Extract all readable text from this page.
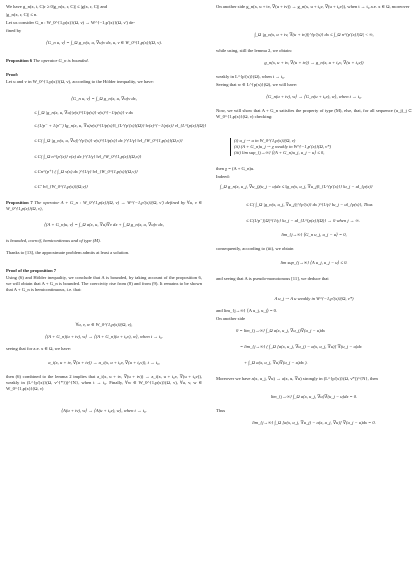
We have g_n(x, t, C)r ≥ 0|g_n(x, r, C)| ≤ |g(x, r, C)| and
|g_n(x, r, C)| ≤ n.
Let us consider G_n : W_0^{1,p(x)}(Ω, ν) → W^{−1,p'(x)}(Ω, ν') de-
fined by
⟨G_n u, v⟩ = ∫_Ω g_n(x, u, ∇u)v dx, u, v ∈ W_0^{1,p(x)}(Ω, ν).
Proposition 6 The operator G_n is bounded.
Proof:
Let u and v in W_0^{1,p(x)}(Ω, ν), according to the Hölder inequality, we have:
⟨G_n u, v⟩ = ∫_Ω g_n(x, u, ∇u)v dx,
≤ ∫_Ω |g_n(x, u, ∇u)|ν(x)^{1/p(x)} ν(x)^{−1/p(x)} v dx
≤ (1/p⁻ + 1/p'⁻) ‖g_n(x, u, ∇u)ν(x)^{1/p(x)}‖_{L^{p'(x)}(Ω)} ‖ν(x)^{−1/p(x)} v‖_{L^{p(x)}(Ω)}
≤ C( ∫_Ω |g_n(x, u, ∇u)|^{p'(x)} ν(x)^{1/p(x)} dx )^{1/γ} ‖v‖_{W_0^{1,p(x)}(Ω,ν)}
≤ C( ∫_Ω n^{p'(x)} ν(x) dx )^{1/γ} ‖v‖_{W_0^{1,p(x)}(Ω,ν)}
≤ Cn^{p⁺} ( ∫_Ω ν(x) dx )^{1/γ} ‖v‖_{W_0^{1,p(x)}(Ω,ν)}
≤ C' ‖v‖_{W_0^{1,p(x)}(Ω,ν)}
Proposition 7 The operator A + G_n : W_0^{1,p(x)}(Ω, ν) → W^{−1,p'(x)}(Ω, ν') defined by ∀u, v ∈ W_0^{1,p(x)}(Ω, ν),
⟨(A + G_n)u, v⟩ = ∫_Ω a(x, u, ∇u)∇v dx + ∫_Ω g_n(x, u, ∇u)v dx,
is bounded, coercif, hemicontinous and of type (M).
Thanks to [13], the approximate problem admits at least a solution.
Proof of the proposition 7
Using (6) and Hölder inequality, we conclude that A is bounded, by taking account of the proposition 6, we will obtain that A + G_n is bounded. The coercivity rise from (8) and from (9). It remains to be shown that A + G_n is hemicontinuous, i.e. that:
∀u, v, w ∈ W_0^{1,p(x)}(Ω, ν),
⟨(A + G_n)(u + tv), w⟩ → ⟨(A + G_n)(u + t₀v), w⟩, when t → t₀.
seeing that for a.e. x ∈ Ω, we have:
a_i(x, u + tv, ∇(u + tv)) → a_i(x, u + t₀v, ∇(u + t₀v)), t → t₀,
then (6) combined to the lemma 2 implies that a_i(x, u + tv, ∇(u + tv)) → a_i(x, u + t₀v, ∇(u + t₀v)), weakly in (L^{p'(x)}(Ω, ν^{*}))^{N}, when t → t₀. Finally, ∀w ∈ W_0^{1,p(x)}(Ω, ν), ∀u, v, w ∈ W_0^{1,p(x)}(Ω, ν)
⟨A(u + tv), w⟩ → ⟨A(u + t₀v), w⟩, when t → t₀.
On another side g_n(x, u + tv, ∇(u + tv)) → g_n(x, u + t₀v, ∇(u + t₀v)), when t → t₀ a.e. x ∈ Ω, moreover
∫_Ω |g_n(x, u + tv, ∇(u + tv))|^{p'(x)} dx ≤ ∫_Ω n^{p'(x)}|Ω| < ∞,
while using, still the lemma 2, we obtain:
g_n(x, u + tv, ∇(u + tv)) → g_n(x, u + t₀v, ∇(u + t₀v))
weakly in L^{p'(x)}(Ω), when t → t₀.
Seeing that w ∈ L^{p(x)}(Ω), we will have:
⟨G_n(u + tv), w⟩ → ⟨G_n(u + t₀v), w⟩, when t → t₀.
Now, we will show that A + G_n satisfies the property of type (M), else, that, for all sequence (u_j)_j ⊂ W_0^{1,p(x)}(Ω, ν) checking:
(i) u_j ⇀ u in W_0^{1,p(x)}(Ω, ν)
(ii) (A + G_n)u_j ⇀ χ weakly in W^{−1,p'(x)}(Ω, ν*)
(iii) lim sup_{j→∞} ⟨(A + G_n)u_j, u_j − u⟩ ≤ 0,
then χ = (A + G_n)u.
Indeed:
∫_Ω g_n(x, u_j, ∇u_j)(u_j − u)dx ≤ ‖g_n(x, u_j, ∇u_j)‖_{L^{p'(x)}} ‖u_j − u‖_{p(x)}
≤ C( ∫_Ω |g_n(x, u_j, ∇u_j)|^{p'(x)} dx )^{1/γ} ‖u_j − u‖_{p(x)}, Thus
≤ C(1/p⁻)|Ω|^{1/γ} ‖u_j − u‖_{L^{p(x)}(Ω)} → 0 when j → ∞.
lim_{j→∞} ⟨G_n u_j, u_j − u⟩ = 0,
consequently, according to (iii), we obtain
lim sup_{j→∞} ⟨A u_j, u_j − u⟩ ≤ 0.
and seeing that A is pseudo-monotonous [11], we deduce that
A u_j ⇀ A u weakly in W^{−1,p'(x)}(Ω, ν*)
and lim_{j→∞} ⟨A u_j, u_j⟩ = 0.
On another side
0 = lim_{j→∞} ∫_Ω a(x, u_j, ∇u_j)∇(u_j − u)dx
= lim_{j→∞} ( ∫_Ω [a(x, u_j, ∇u_j) − a(x, u_j, ∇u)] ∇(u_j − u)dx
+ ∫_Ω a(x, u_j, ∇u)∇(u_j − u)dx ).
Moreover we have a(x, u_j, ∇u) → a(x, u, ∇u) strongly in (L^{p'(x)}(Ω, ν*))^{N}, then
lim_{j→∞} ∫_Ω a(x, u_j, ∇u)∇(u_j − u)dx = 0.
Thus
lim_{j→∞} ∫_Ω [a(x, u_j, ∇u_j) − a(x, u_j, ∇u)] ∇(u_j − u)dx = 0.
